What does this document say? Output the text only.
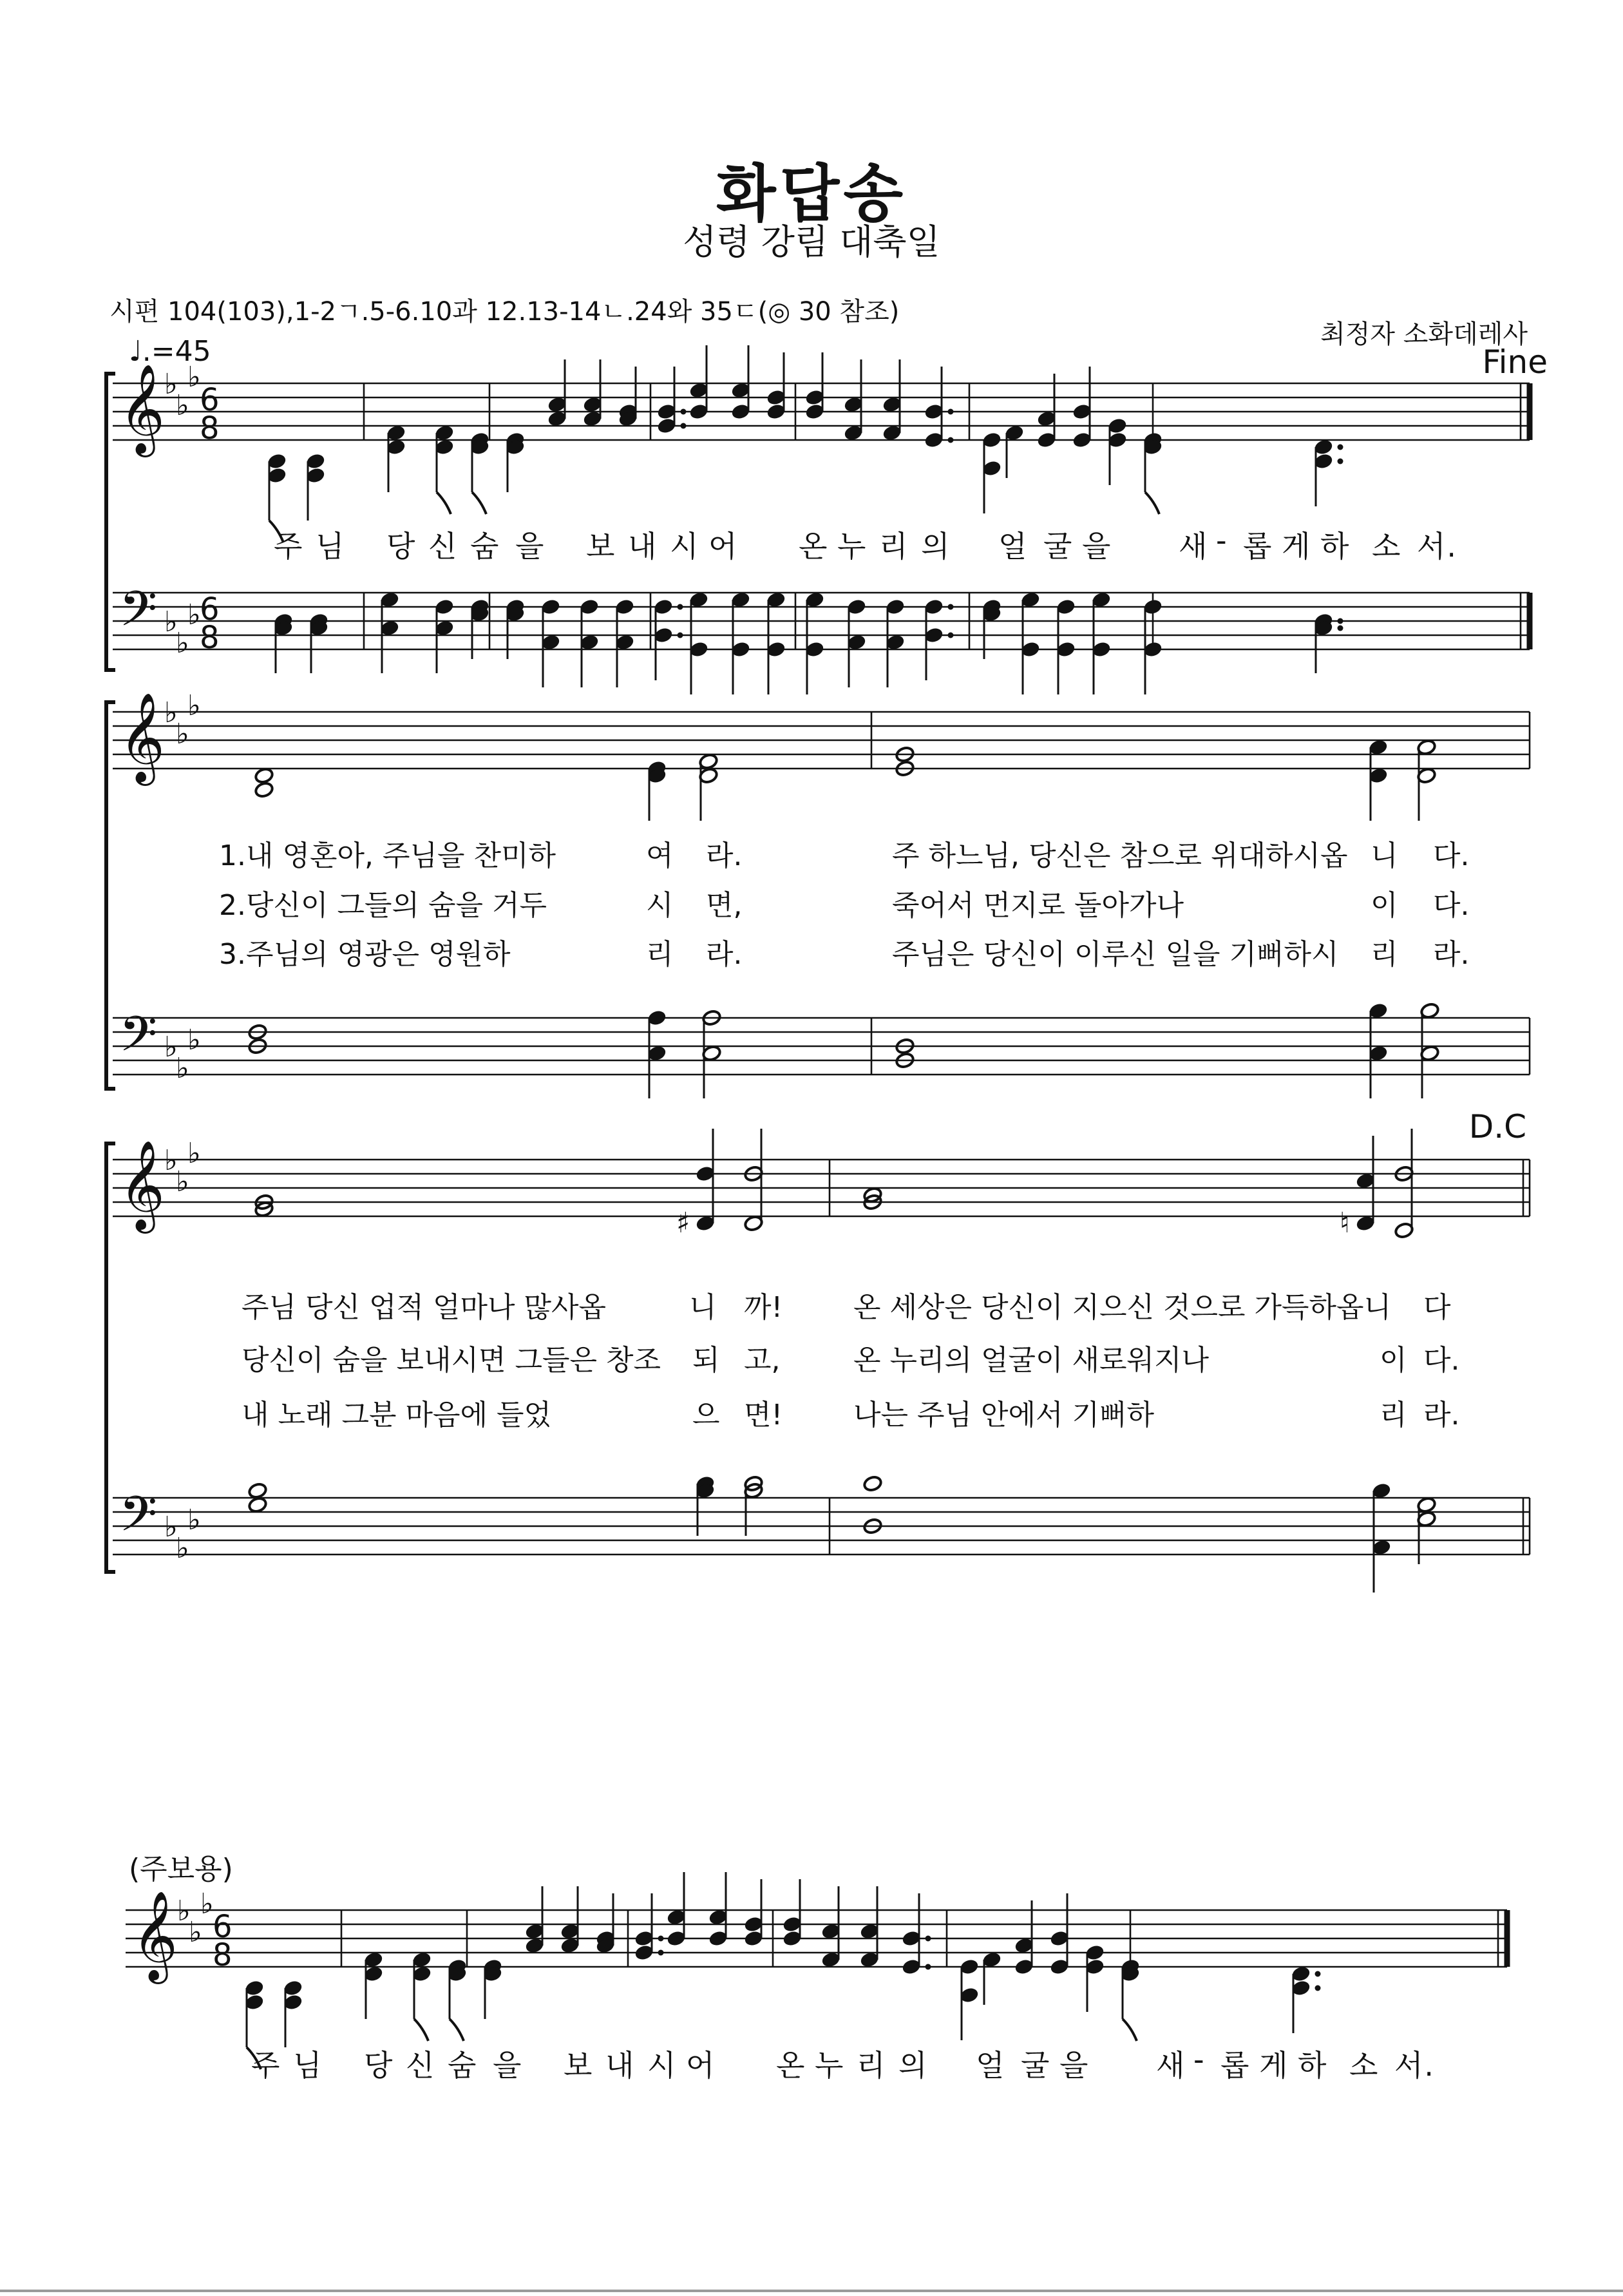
화답송
성령 강림 대축일
시편 104(103),1-2ㄱ.5-6.10과 12.13-14ㄴ.24와 35ㄷ(◎ 30 참조)
최정자 소화데레사
♩.=45	Fine
D.C
(주보용)
𝄞 ♭
♭
♭
6
8
𝄢 ♭
♭
♭
6
8
𝄞 ♭
♭
♭
𝄢 ♭
♭
♭
𝄞 ♭
♭
♭
𝄢 ♭
♭
♭
♯	♮
𝄞 ♭
♭
♭
6
8
주 님 당 신 숨 을 보 내 시 어 온 누 리 의 얼 굴 을 새 - 롭 게 하 소 서.
주 님 당 신 숨 을 보 내 시 어 온 누 리 의 얼 굴 을 새 - 롭 게 하 소 서.
1.내 영혼아, 주님을 찬미하	여 라.	주 하느님, 당신은 참으로 위대하시옵 니 다.
2.당신이 그들의 숨을 거두	시 면,	죽어서 먼지로 돌아가나	이 다.
3.주님의 영광은 영원하	리 라.	주님은 당신이 이루신 일을 기뻐하시 리 라.
주님 당신 업적 얼마나 많사옵	니 까! 온 세상은 당신이 지으신 것으로 가득하옵니 다
당신이 숨을 보내시면 그들은 창조 되 고,	온 누리의 얼굴이 새로워지나	이 다.
내 노래 그분 마음에 들었	으 면! 나는 주님 안에서 기뻐하	리 라.
